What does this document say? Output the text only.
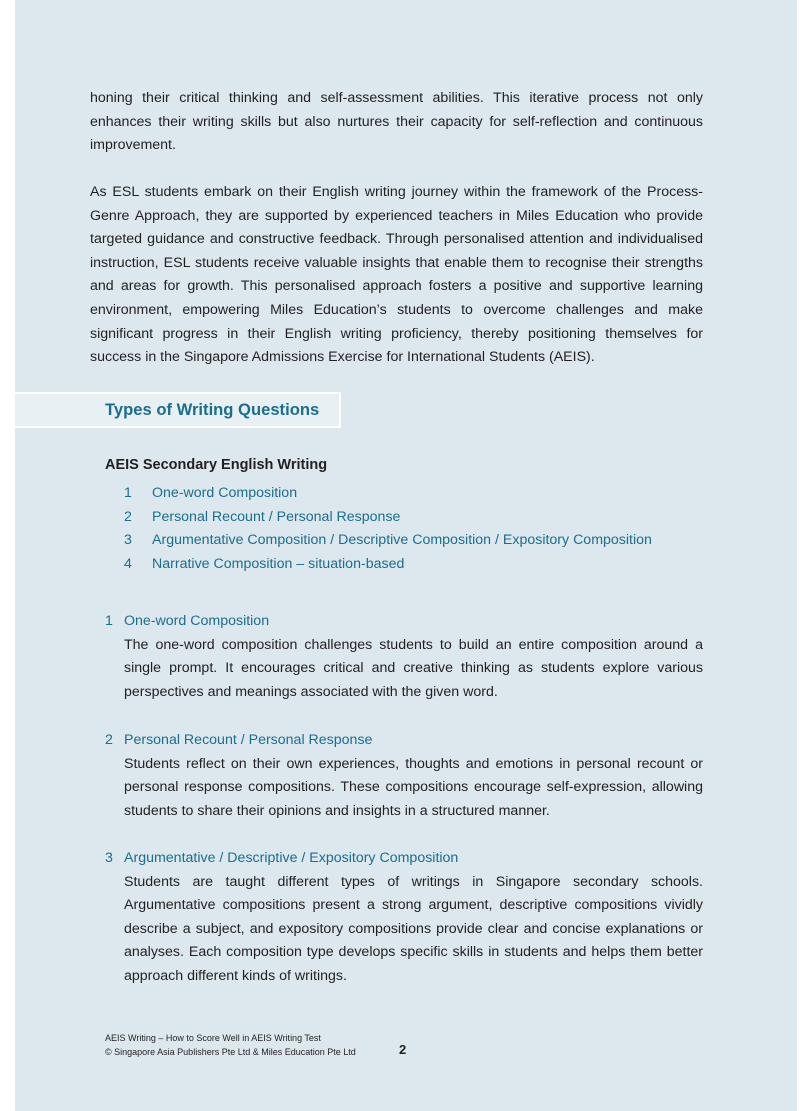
honing their critical thinking and self-assessment abilities. This iterative process not only enhances their writing skills but also nurtures their capacity for self-reflection and continuous improvement.

As ESL students embark on their English writing journey within the framework of the Process-Genre Approach, they are supported by experienced teachers in Miles Education who provide targeted guidance and constructive feedback. Through personalised attention and individualised instruction, ESL students receive valuable insights that enable them to recognise their strengths and areas for growth. This personalised approach fosters a positive and supportive learning environment, empowering Miles Education’s students to overcome challenges and make significant progress in their English writing proficiency, thereby positioning themselves for success in the Singapore Admissions Exercise for International Students (AEIS).

Types of Writing Questions
AEIS Secondary English Writing
1 One-word Composition
2 Personal Recount / Personal Response
3 Argumentative Composition / Descriptive Composition / Expository Composition
4 Narrative Composition – situation-based
1 One-word Composition

The one-word composition challenges students to build an entire composition around a single prompt. It encourages critical and creative thinking as students explore various perspectives and meanings associated with the given word.

2 Personal Recount / Personal Response

Students reflect on their own experiences, thoughts and emotions in personal recount or personal response compositions. These compositions encourage self-expression, allowing students to share their opinions and insights in a structured manner.

3 Argumentative / Descriptive / Expository Composition

Students are taught different types of writings in Singapore secondary schools. Argumentative compositions present a strong argument, descriptive compositions vividly describe a subject, and expository compositions provide clear and concise explanations or analyses. Each composition type develops specific skills in students and helps them better approach different kinds of writings.

AEIS Writing – How to Score Well in AEIS Writing Test
© Singapore Asia Publishers Pte Ltd & Miles Education Pte Ltd	2
